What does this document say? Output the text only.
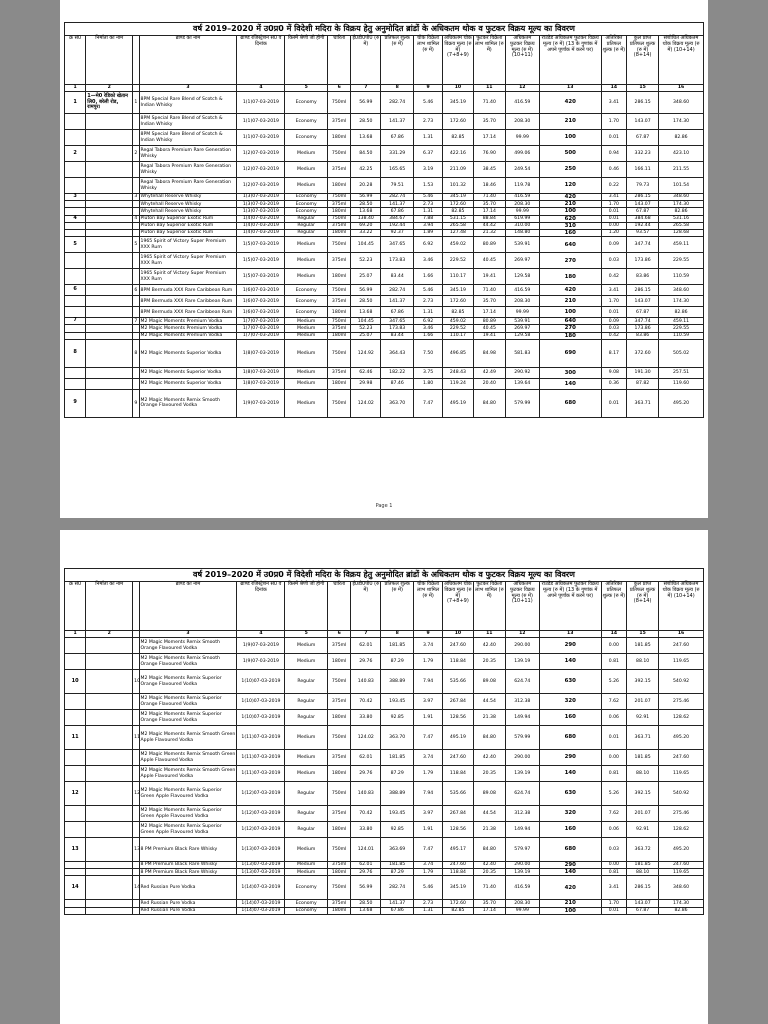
वर्ष 2019–2020 में उ0प्र0 में विदेशी मदिरा के विक्रय हेतु अनुमोदित ब्रांडों के अधिकतम थोक व फुटकर विक्रय मूल्य का विवरण																
क्र सं0	निर्माता का नाम		ब्राण्ड का नाम	ब्राण्ड रजिस्ट्रेशन सं0 व दिनांक	किस्में श्रेणी जो होगी	धारिता	ई0डी0पी0 (रु में)	प्रतिफल शुल्क (रु में)	थोक विक्रेता लाभ शामिल (रु में)	अधिकतम थोक विक्रय मूल्य (रु में) (7+8+9)	फुटकर विक्रेता लाभ शामिल (रु में)	अधिकतम फुटकर विक्रय मूल्य (रु में) (10+11)	राउंडेड अधिकतम फुटकर विक्रय मूल्य (रु में) (13 के गुणांक में अपने पूर्णांक में करने पर)	अतिरिक्त प्रतिफल शुल्क (रु में)	कुल प्राप्त प्रतिफल शुल्क (रु में) (8+14)	संशोधित अधिकतम थोक विक्रय मूल्य (रु में) (10+14)
1	2		3	4	5	6	7	8	9	10	11	12	13	14	15	16
1	1—मे0 रेडिको खेतान लि0, बरेली रोड, रामपुर।	1	8PM Special Rare Blend of Scotch & Indian Whisky	1(1)07-03-2019	Economy	750ml	56.99	282.74	5.46	345.19	71.40	416.59	420	3.41	286.15	348.60
			8PM Special Rare Blend of Scotch & Indian Whisky	1(1)07-03-2019	Economy	375ml	28.50	141.37	2.73	172.60	35.70	208.30	210	1.70	143.07	174.30
			8PM Special Rare Blend of Scotch & Indian Whisky	1(1)07-03-2019	Economy	180ml	13.68	67.86	1.31	82.85	17.14	99.99	100	0.01	67.87	82.86
2		2	Regal Tabora Premium Rare Generation Whisky	1(2)07-03-2019	Medium	750ml	84.50	331.29	6.37	422.16	76.90	499.06	500	0.94	332.23	423.10
			Regal Tabora Premium Rare Generation Whisky	1(2)07-03-2019	Medium	375ml	42.25	165.65	3.19	211.09	38.45	249.54	250	0.46	166.11	211.55
			Regal Tabora Premium Rare Generation Whisky	1(2)07-03-2019	Medium	180ml	20.28	79.51	1.53	101.32	18.46	119.78	120	0.22	79.73	101.54
3		3	Whytehall Reserve Whisky	1(3)07-03-2019	Economy	750ml	56.99	282.74	5.46	345.19	71.40	416.59	420	3.41	286.15	348.60
			Whytehall Reserve Whisky	1(3)07-03-2019	Economy	375ml	28.50	141.37	2.73	172.60	35.70	208.30	210	1.70	143.07	174.30
			Whytehall Reserve Whisky	1(3)07-03-2019	Economy	180ml	13.68	67.86	1.31	82.85	17.14	99.99	100	0.01	67.87	82.86
4		4	Pluton Bay Superior Exotic Rum	1(4)07-03-2019	Regular	750ml	138.40	384.67	7.88	531.15	88.84	619.99	620	0.01	384.68	531.16
			Pluton Bay Superior Exotic Rum	1(4)07-03-2019	Regular	375ml	69.20	192.44	3.94	265.58	44.42	310.00	310	0.00	192.44	265.58
			Pluton Bay Superior Exotic Rum	1(4)07-03-2019	Regular	180ml	33.22	92.37	1.89	127.48	21.32	148.80	160	1.20	93.57	128.68
5		5	1965 Spirit of Victory Super Premium XXX Rum	1(5)07-03-2019	Medium	750ml	104.45	347.65	6.92	459.02	80.89	539.91	640	0.09	347.74	459.11
			1965 Spirit of Victory Super Premium XXX Rum	1(5)07-03-2019	Medium	375ml	52.23	173.83	3.46	229.52	40.45	269.97	270	0.03	173.86	229.55
			1965 Spirit of Victory Super Premium XXX Rum	1(5)07-03-2019	Medium	180ml	25.07	83.44	1.66	110.17	19.41	129.58	180	0.42	83.86	110.59
6		6	8PM Bermuda XXX Rare Caribbean Rum	1(6)07-03-2019	Economy	750ml	56.99	282.74	5.46	345.19	71.40	416.59	420	3.41	286.15	348.60
			8PM Bermuda XXX Rare Caribbean Rum	1(6)07-03-2019	Economy	375ml	28.50	141.37	2.73	172.60	35.70	208.30	210	1.70	143.07	174.30
			8PM Bermuda XXX Rare Caribbean Rum	1(6)07-03-2019	Economy	180ml	13.68	67.86	1.31	82.85	17.14	99.99	100	0.01	67.87	82.86
7		7	M2 Magic Moments Premium Vodka	1(7)07-03-2019	Medium	750ml	104.45	347.65	6.92	459.02	80.89	539.91	640	0.09	347.74	459.11
			M2 Magic Moments Premium Vodka	1(7)07-03-2019	Medium	375ml	52.23	173.83	3.46	229.52	40.45	269.97	270	0.03	173.86	229.55
			M2 Magic Moments Premium Vodka	1(7)07-03-2019	Medium	180ml	25.07	83.44	1.66	110.17	19.41	129.58	180	0.42	83.86	110.59
8		8	M2 Magic Moments Superior Vodka	1(8)07-03-2019	Medium	750ml	124.92	364.43	7.50	496.85	84.98	581.83	690	8.17	372.60	505.02
			M2 Magic Moments Superior Vodka	1(8)07-03-2019	Medium	375ml	62.46	182.22	3.75	248.43	42.49	290.92	300	9.08	191.30	257.51
			M2 Magic Moments Superior Vodka	1(8)07-03-2019	Medium	180ml	29.98	87.46	1.80	119.24	20.40	139.64	140	0.36	87.82	119.60
9		9	M2 Magic Moments Remix Smooth Orange Flavoured Vodka	1(9)07-03-2019	Medium	750ml	124.02	363.70	7.47	495.19	84.80	579.99	680	0.01	363.71	495.20
Page 1
वर्ष 2019–2020 में उ0प्र0 में विदेशी मदिरा के विक्रय हेतु अनुमोदित ब्रांडों के अधिकतम थोक व फुटकर विक्रय मूल्य का विवरण																
क्र सं0	निर्माता का नाम		ब्राण्ड का नाम	ब्राण्ड रजिस्ट्रेशन सं0 व दिनांक	किस्में श्रेणी जो होगी	धारिता	ई0डी0पी0 (रु में)	प्रतिफल शुल्क (रु में)	थोक विक्रेता लाभ शामिल (रु में)	अधिकतम थोक विक्रय मूल्य (रु में) (7+8+9)	फुटकर विक्रेता लाभ शामिल (रु में)	अधिकतम फुटकर विक्रय मूल्य (रु में) (10+11)	राउंडेड अधिकतम फुटकर विक्रय मूल्य (रु में) (13 के गुणांक में अपने पूर्णांक में करने पर)	अतिरिक्त प्रतिफल शुल्क (रु में)	कुल प्राप्त प्रतिफल शुल्क (रु में) (8+14)	संशोधित अधिकतम थोक विक्रय मूल्य (रु में) (10+14)
1	2		3	4	5	6	7	8	9	10	11	12	13	14	15	16
			M2 Magic Moments Remix Smooth Orange Flavoured Vodka	1(9)07-03-2019	Medium	375ml	62.01	181.85	3.74	247.60	42.40	290.00	290	0.00	181.85	247.60
			M2 Magic Moments Remix Smooth Orange Flavoured Vodka	1(9)07-03-2019	Medium	180ml	29.76	87.29	1.79	118.84	20.35	139.19	140	0.81	88.10	119.65
10		10	M2 Magic Moments Remix Superior Orange Flavoured Vodka	1(10)07-03-2019	Regular	750ml	140.83	388.89	7.94	535.66	89.08	624.74	630	5.26	392.15	540.92
			M2 Magic Moments Remix Superior Orange Flavoured Vodka	1(10)07-03-2019	Regular	375ml	70.42	193.45	3.97	267.84	44.54	312.38	320	7.62	201.07	275.46
			M2 Magic Moments Remix Superior Orange Flavoured Vodka	1(10)07-03-2019	Regular	180ml	33.80	92.85	1.91	128.56	21.38	149.94	160	0.06	92.91	128.62
11		11	M2 Magic Moments Remix Smooth Green Apple Flavoured Vodka	1(11)07-03-2019	Medium	750ml	124.02	363.70	7.47	495.19	84.80	579.99	680	0.01	363.71	495.20
			M2 Magic Moments Remix Smooth Green Apple Flavoured Vodka	1(11)07-03-2019	Medium	375ml	62.01	181.85	3.74	247.60	42.40	290.00	290	0.00	181.85	247.60
			M2 Magic Moments Remix Smooth Green Apple Flavoured Vodka	1(11)07-03-2019	Medium	180ml	29.76	87.29	1.79	118.84	20.35	139.19	140	0.81	88.10	119.65
12		12	M2 Magic Moments Remix Superior Green Apple Flavoured Vodka	1(12)07-03-2019	Regular	750ml	140.83	388.89	7.94	535.66	89.08	624.74	630	5.26	392.15	540.92
			M2 Magic Moments Remix Superior Green Apple Flavoured Vodka	1(12)07-03-2019	Regular	375ml	70.42	193.45	3.97	267.84	44.54	312.38	320	7.62	201.07	275.46
			M2 Magic Moments Remix Superior Green Apple Flavoured Vodka	1(12)07-03-2019	Regular	180ml	33.80	92.85	1.91	128.56	21.38	149.94	160	0.06	92.91	128.62
13		13	8 PM Premium Black Rare Whisky	1(13)07-03-2019	Medium	750ml	124.01	363.69	7.47	495.17	84.80	579.97	680	0.03	363.72	495.20
			8 PM Premium Black Rare Whisky	1(13)07-03-2019	Medium	375ml	62.01	181.85	3.74	247.60	42.40	290.00	290	0.00	181.85	247.60
			8 PM Premium Black Rare Whisky	1(13)07-03-2019	Medium	180ml	29.76	87.29	1.79	118.84	20.35	139.19	140	0.81	88.10	119.65
14		14	Red Russian Pure Vodka	1(14)07-03-2019	Economy	750ml	56.99	282.74	5.46	345.19	71.40	416.59	420	3.41	286.15	348.60
			Red Russian Pure Vodka	1(14)07-03-2019	Economy	375ml	28.50	141.37	2.73	172.60	35.70	208.30	210	1.70	143.07	174.30
			Red Russian Pure Vodka	1(14)07-03-2019	Economy	180ml	13.68	67.86	1.31	82.85	17.14	99.99	100	0.01	67.87	82.86
